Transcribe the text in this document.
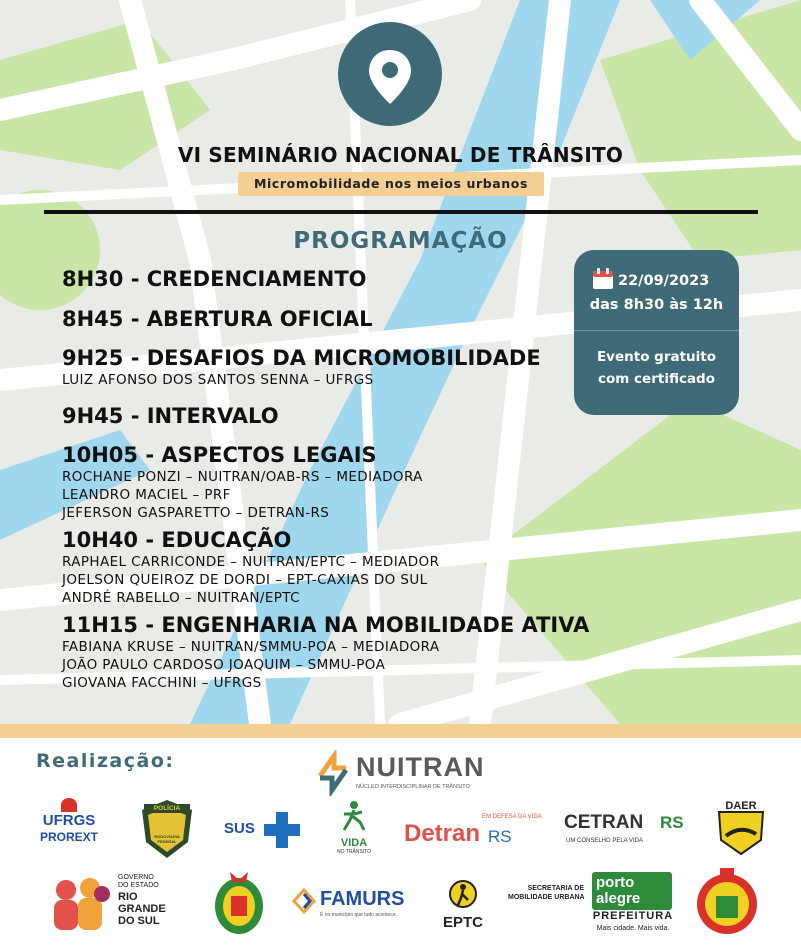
VI SEMINÁRIO NACIONAL DE TRÂNSITO
Micromobilidade nos meios urbanos
PROGRAMAÇÃO
8H30 - CREDENCIAMENTO
8H45 - ABERTURA OFICIAL
9H25 - DESAFIOS DA MICROMOBILIDADE
LUIZ AFONSO DOS SANTOS SENNA – UFRGS
9H45 - INTERVALO
10H05 - ASPECTOS LEGAIS
ROCHANE PONZI – NUITRAN/OAB-RS – MEDIADORA
LEANDRO MACIEL – PRF
JEFERSON GASPARETTO – DETRAN-RS
10H40 - EDUCAÇÃO
RAPHAEL CARRICONDE – NUITRAN/EPTC – MEDIADOR
JOELSON QUEIROZ DE DORDI – EPT-CAXIAS DO SUL
ANDRÉ RABELLO – NUITRAN/EPTC
11H15 - ENGENHARIA NA MOBILIDADE ATIVA
FABIANA KRUSE – NUITRAN/SMMU-POA – MEDIADORA
JOÃO PAULO CARDOSO JOAQUIM – SMMU-POA
GIOVANA FACCHINI – UFRGS
22/09/2023
das 8h30 às 12h
Evento gratuito
com certificado
Realização:	NUITRAN
NÚCLEO INTERDISCIPLINAR DE TRÂNSITO
UFRGS
PROREXT
POLÍCIA
RODOVIÁRIA FEDERAL
SUS
VIDA
NO TRÂNSITO
EM DEFESA DA VIDA
Detran RS
CETRAN RS
UM CONSELHO PELA VIDA
DAER
GOVERNO
DO ESTADO
RIO
GRANDE
DO SUL
FAMURS
É no município que tudo acontece.	EPTC
SECRETARIA DE
MOBILIDADE URBANA
porto
alegre
PREFEITURA
Mais cidade. Mais vida.
